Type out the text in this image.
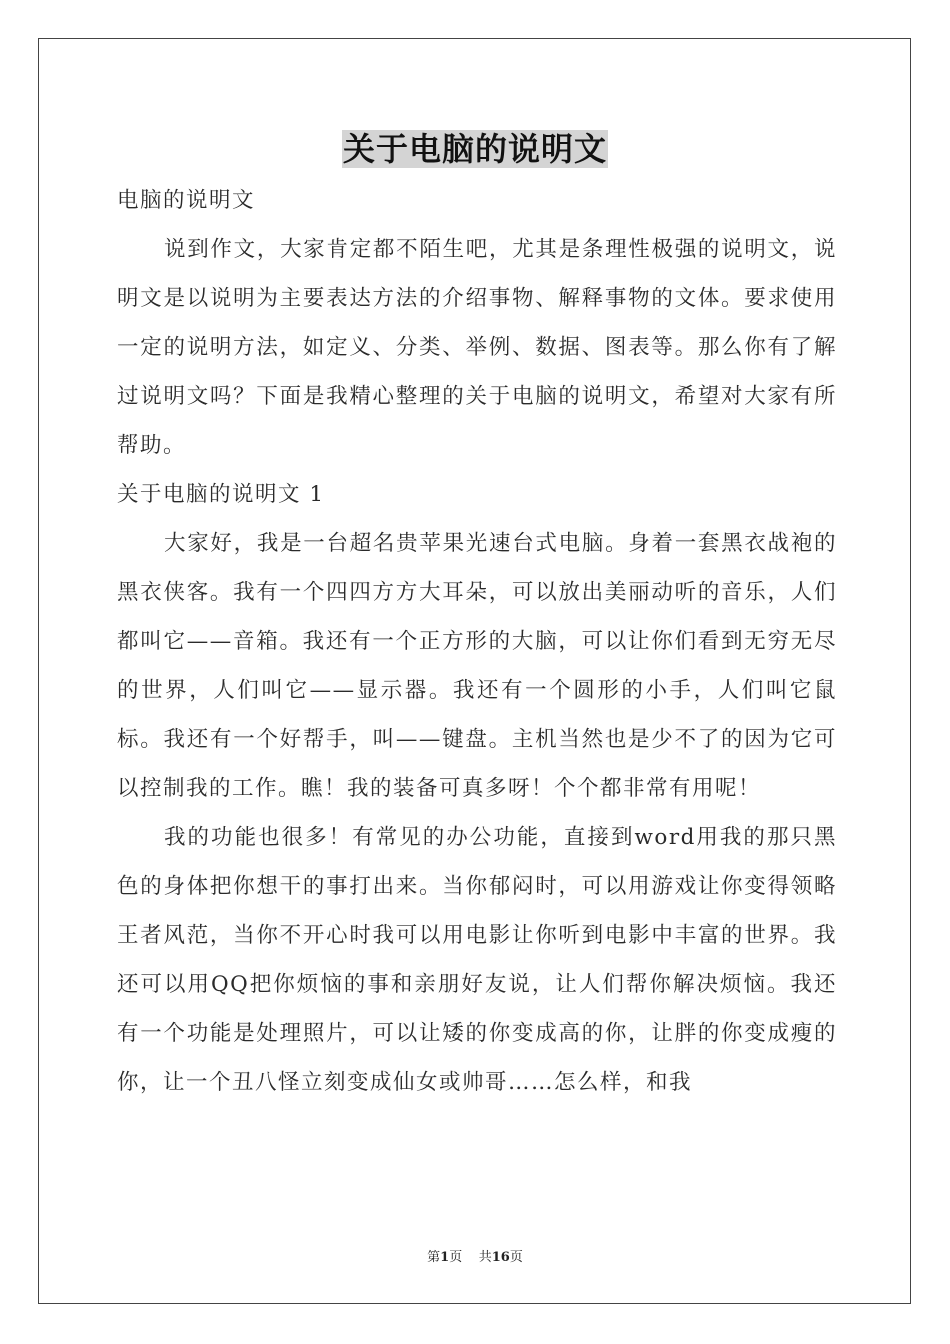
关于电脑的说明文

电脑的说明文

说到作文，大家肯定都不陌生吧，尤其是条理性极强的说明文，说明文是以说明为主要表达方法的介绍事物、解释事物的文体。要求使用一定的说明方法，如定义、分类、举例、数据、图表等。那么你有了解过说明文吗？下面是我精心整理的关于电脑的说明文，希望对大家有所帮助。

关于电脑的说明文 1

大家好，我是一台超名贵苹果光速台式电脑。身着一套黑衣战袍的黑衣侠客。我有一个四四方方大耳朵，可以放出美丽动听的音乐，人们都叫它——音箱。我还有一个正方形的大脑，可以让你们看到无穷无尽的世界，人们叫它——显示器。我还有一个圆形的小手，人们叫它鼠标。我还有一个好帮手，叫——键盘。主机当然也是少不了的因为它可以控制我的工作。瞧！我的装备可真多呀！个个都非常有用呢！

我的功能也很多！有常见的办公功能，直接到word用我的那只黑色的身体把你想干的事打出来。当你郁闷时，可以用游戏让你变得领略王者风范，当你不开心时我可以用电影让你听到电影中丰富的世界。我还可以用QQ把你烦恼的事和亲朋好友说，让人们帮你解决烦恼。我还有一个功能是处理照片，可以让矮的你变成高的你，让胖的你变成瘦的你，让一个丑八怪立刻变成仙女或帅哥……怎么样，和我

第1页 共16页
